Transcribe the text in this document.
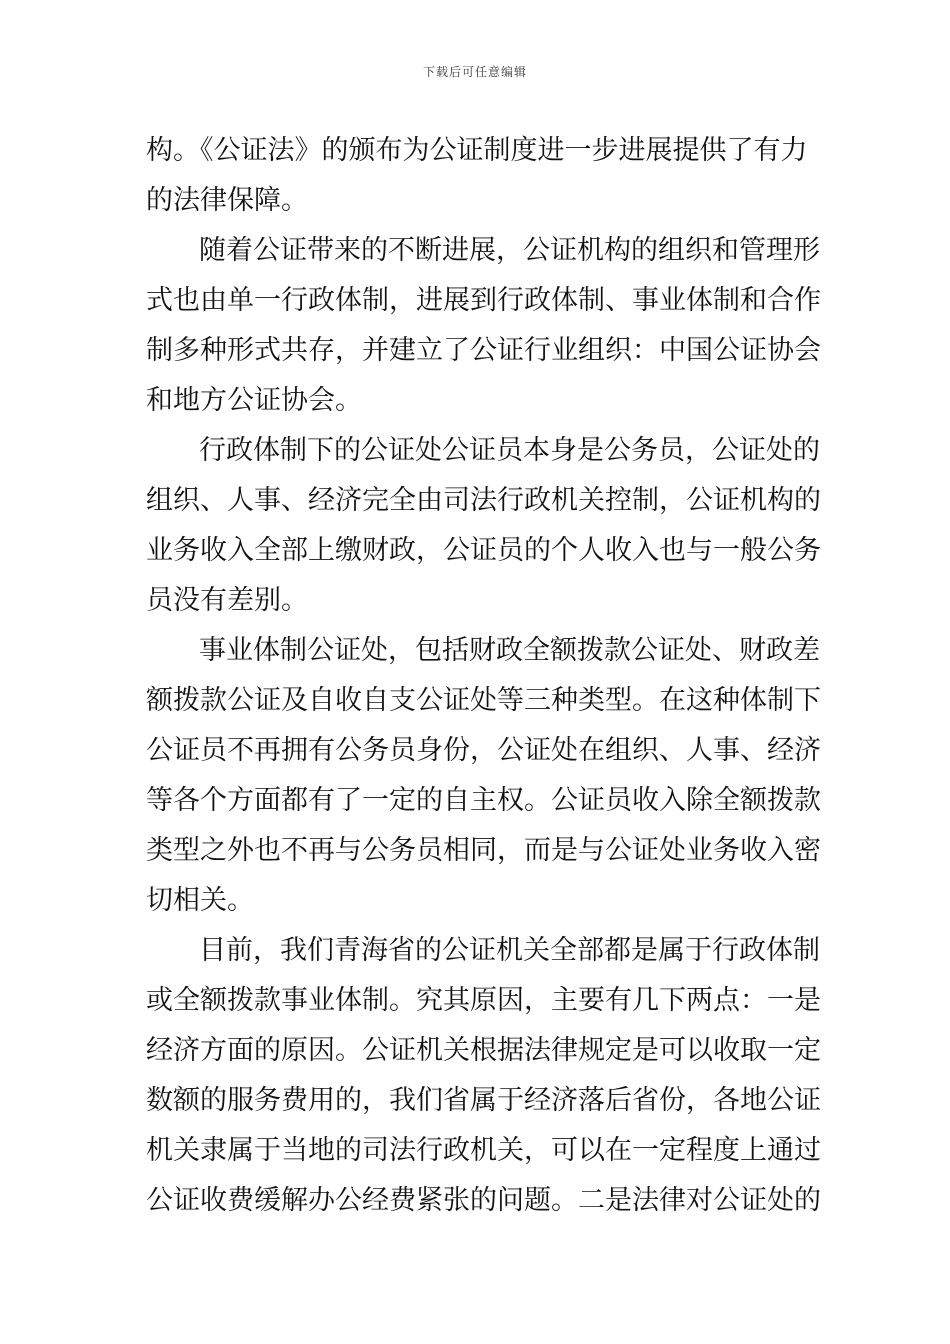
下载后可任意编辑
构。《公证法》的颁布为公证制度进一步进展提供了有力
的法律保障。
随着公证带来的不断进展，公证机构的组织和管理形
式也由单一行政体制，进展到行政体制、事业体制和合作
制多种形式共存，并建立了公证行业组织：中国公证协会
和地方公证协会。
行政体制下的公证处公证员本身是公务员，公证处的
组织、人事、经济完全由司法行政机关控制，公证机构的
业务收入全部上缴财政，公证员的个人收入也与一般公务
员没有差别。
事业体制公证处，包括财政全额拨款公证处、财政差
额拨款公证及自收自支公证处等三种类型。在这种体制下
公证员不再拥有公务员身份，公证处在组织、人事、经济
等各个方面都有了一定的自主权。公证员收入除全额拨款
类型之外也不再与公务员相同，而是与公证处业务收入密
切相关。
目前，我们青海省的公证机关全部都是属于行政体制
或全额拨款事业体制。究其原因，主要有几下两点：一是
经济方面的原因。公证机关根据法律规定是可以收取一定
数额的服务费用的，我们省属于经济落后省份，各地公证
机关隶属于当地的司法行政机关，可以在一定程度上通过
公证收费缓解办公经费紧张的问题。二是法律对公证处的
